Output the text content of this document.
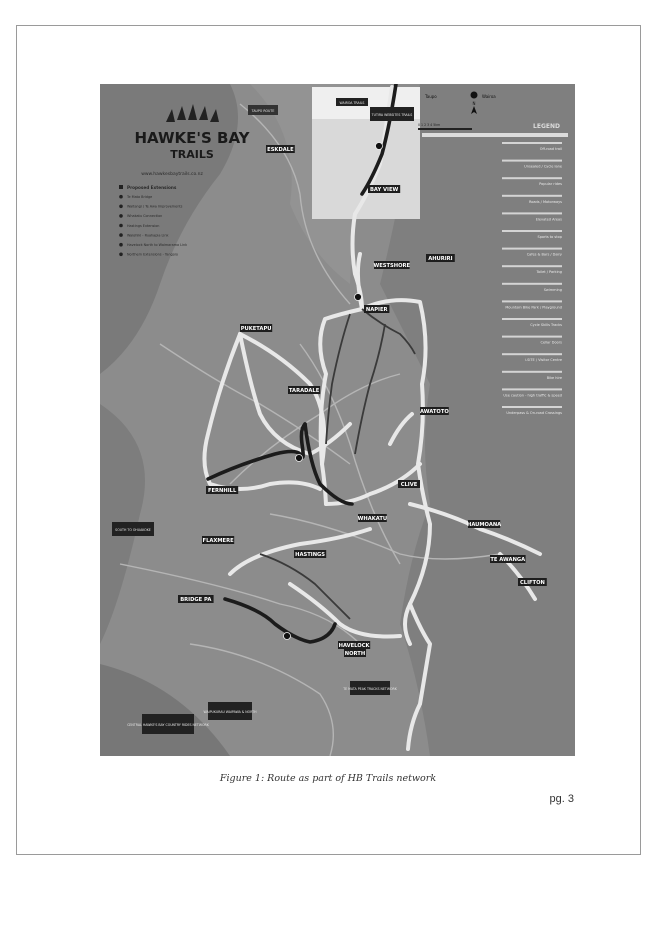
HAWKE'S BAY
TRAILS
www.hawkesbaytrails.co.nz
Proposed Extensions
Te Mata Bridge
Waitangi / Te Awa Improvements
Whakatu Connection
Hastings Extension
Waiohiki - Ruahapia Link
Havelock North to Waimarama Link
Northern Extensions - Tangoio
LEGEND
Off-road trail
Unsealed / Cycle lane
Popular rides
Roads / Motorways
Elevated Areas
Sports to stop
Cafes & Bars / Dairy
Toilet / Parking
Swimming
Mountain Bike Park / Playground
Cycle Skills Tracks
Cellar Doors
i-SITE / Visitor Centre
Bike hire
Use caution - high traffic & speed
Underpass & On-road Crossings
N
Taupo	Wairoa
0 1 2 3 4 5km
TAUPO ROUTE
WAIROA TRAILS
TUTIRA WEBSITES TRAILS
SOUTH TO OHUAKOKE
WAIPUKURAU WAIPAWA & NORTH
CENTRAL HAWKE'S BAY COUNTRY RIDES NETWORK
TE MATA PEAK TRACKS NETWORK
NAPIER
WESTSHORE
AHURIRI
BAY VIEW
ESKDALE
TARADALE
PUKETAPU
AWATOTO
CLIVE
FERNHILL
WHAKATU
HAUMOANA
FLAXMERE
HASTINGS
TE AWANGA
CLIFTON
BRIDGE PA
HAVELOCK
NORTH
Figure 1: Route as part of HB Trails network
pg. 3
